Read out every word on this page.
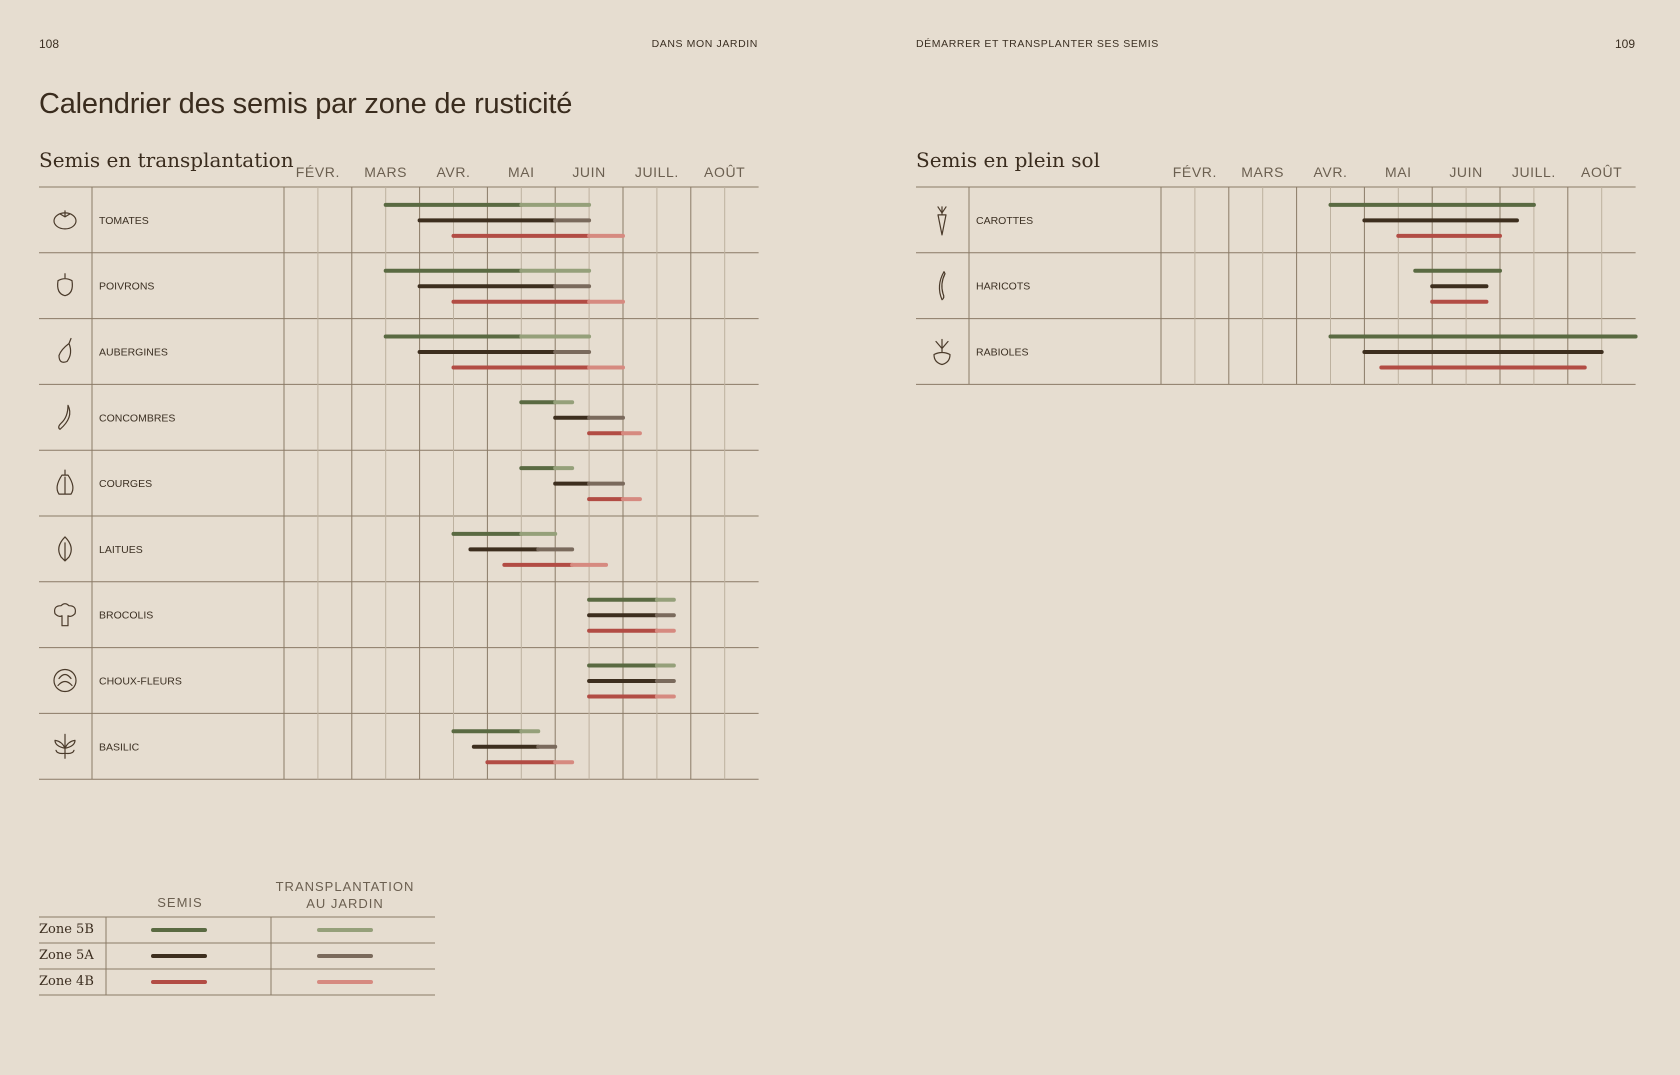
108	DANS MON JARDIN	DÉMARRER ET TRANSPLANTER SES SEMIS	109
Calendrier des semis par zone de rusticité
Semis en transplantation FÉVR. MARS AVR.	MAI	JUIN JUILL. AOÛT
TOMATES
POIVRONS
AUBERGINES
CONCOMBRES
COURGES
LAITUES
BROCOLIS
CHOUX-FLEURS
BASILIC
CAROTTES
HARICOTS
RABIOLES
Semis en plein sol	FÉVR. MARS AVR.	MAI	JUIN JUILL. AOÛT
SEMIS
TRANSPLANTATION
AU JARDIN
Zone 5B
Zone 5A
Zone 4B
